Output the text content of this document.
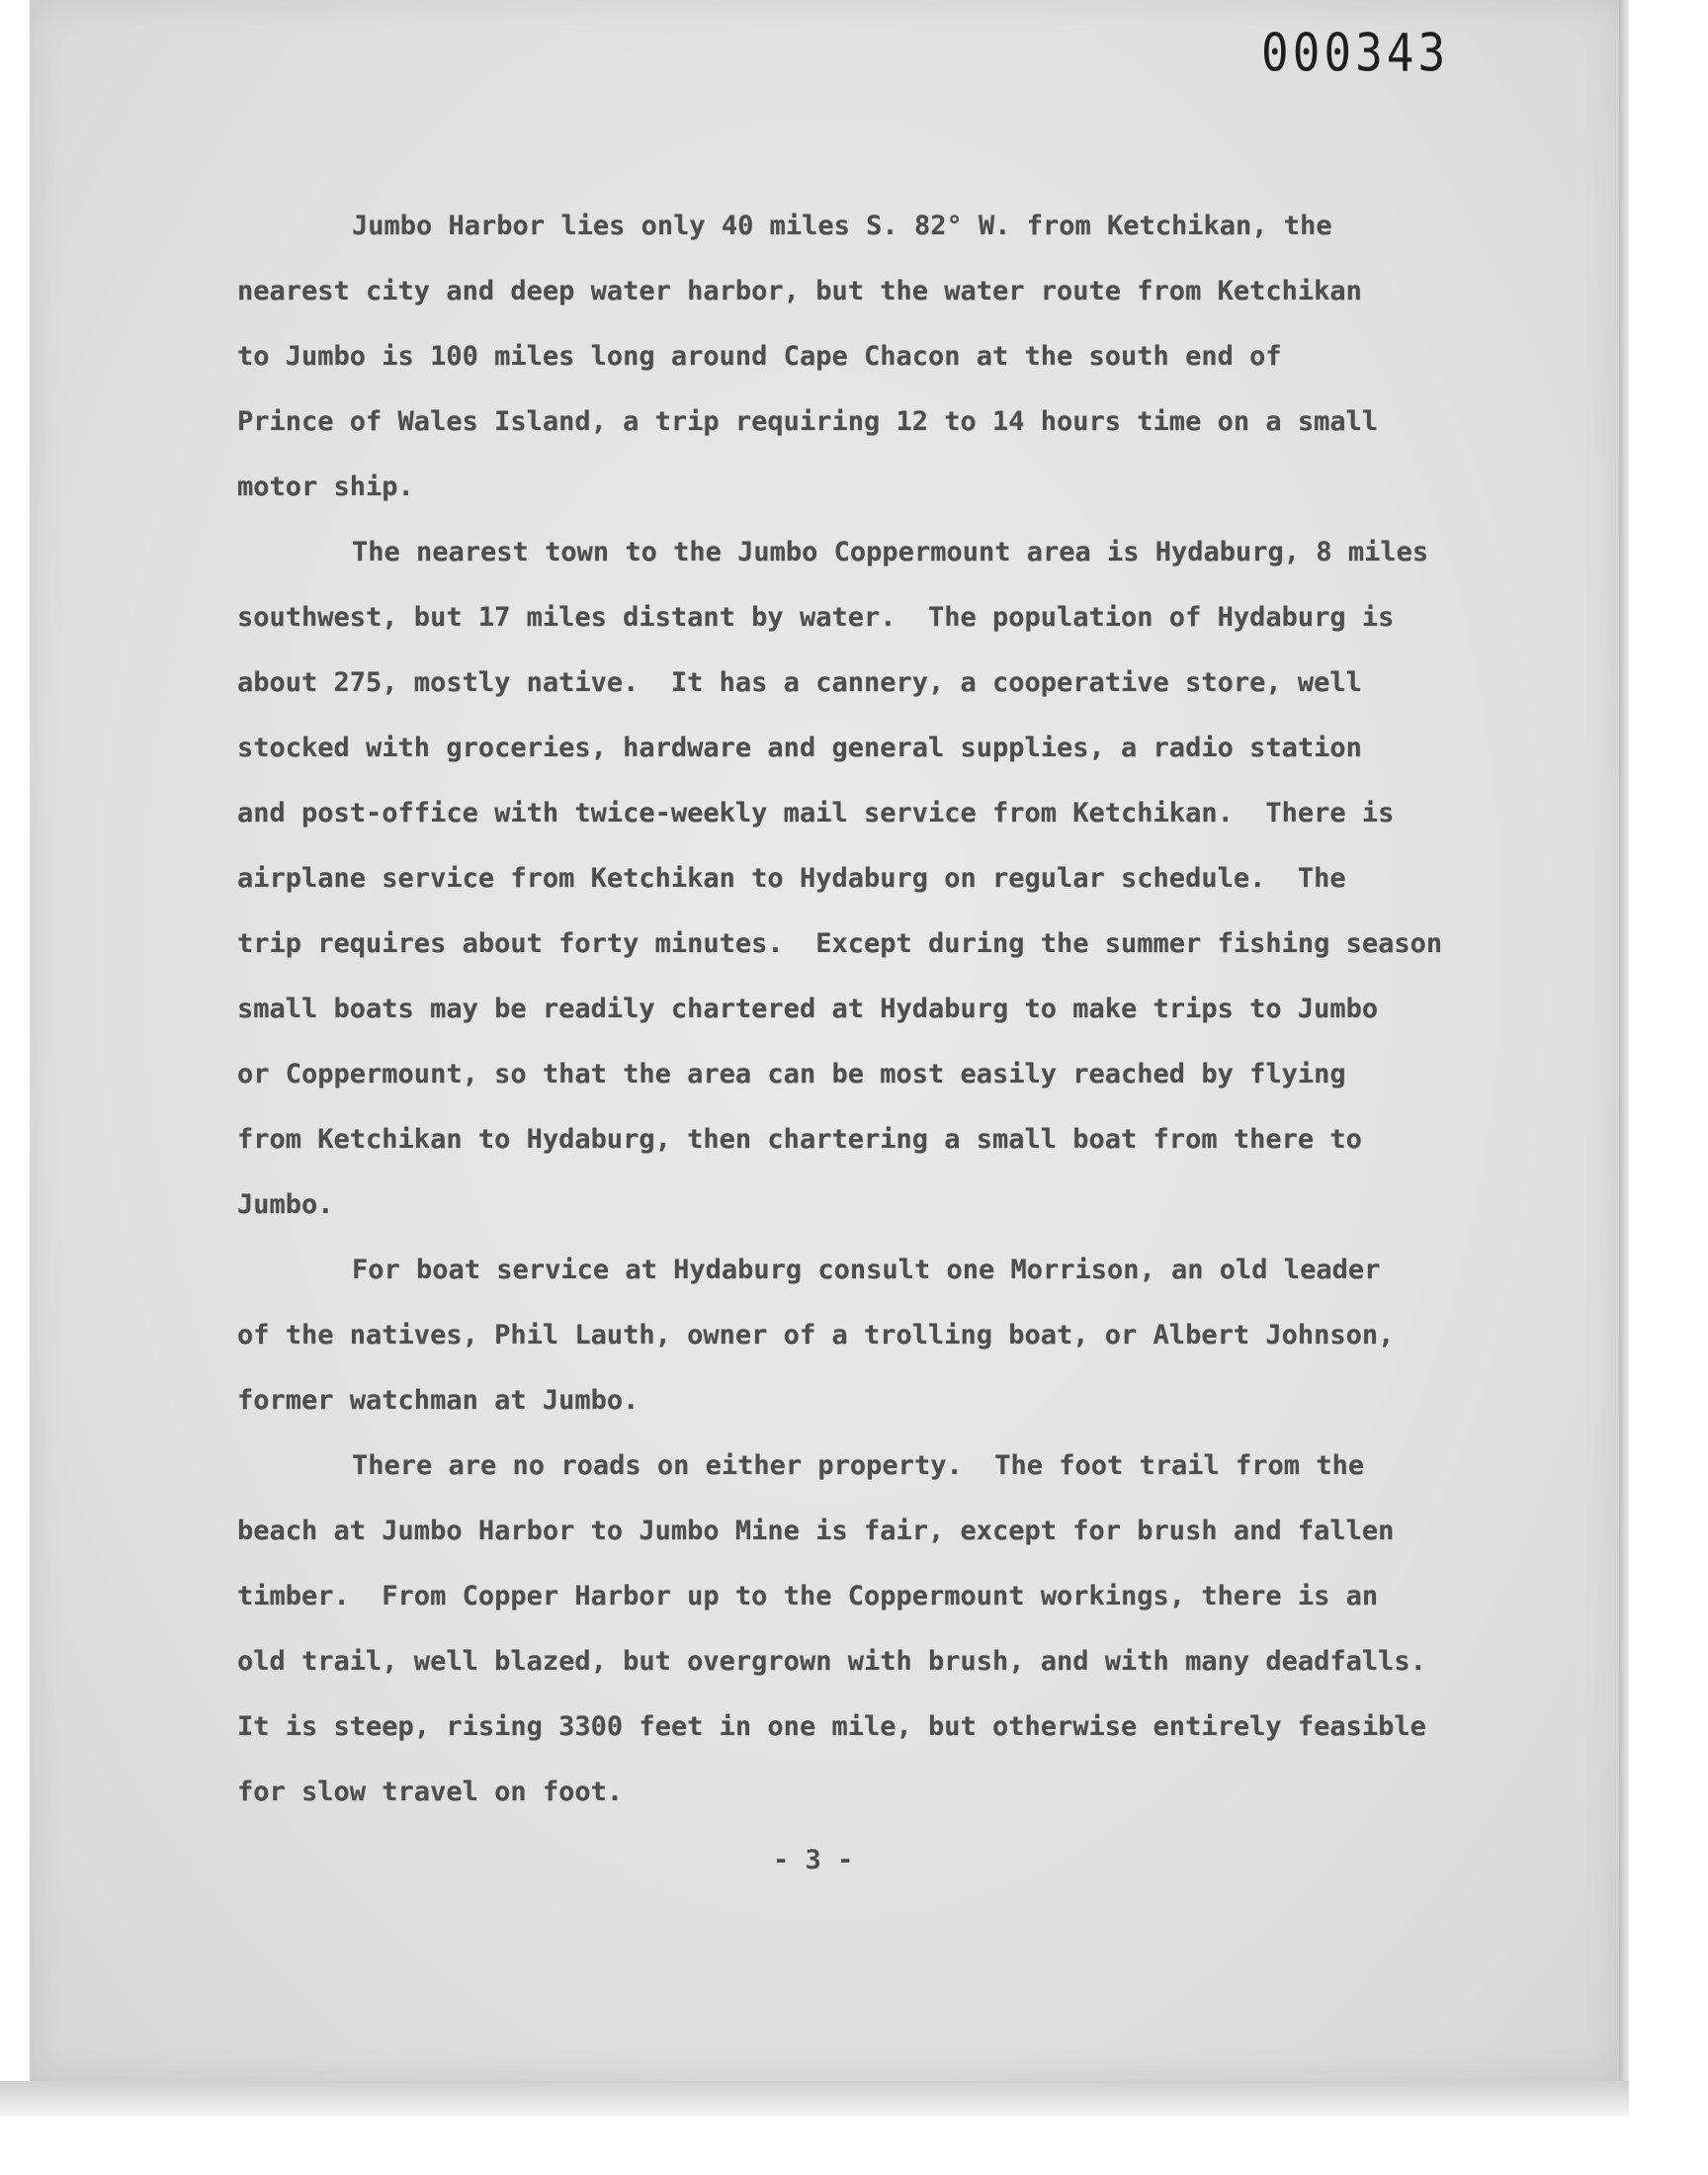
000343
Jumbo Harbor lies only 40 miles S. 82° W. from Ketchikan, the
nearest city and deep water harbor, but the water route from Ketchikan
to Jumbo is 100 miles long around Cape Chacon at the south end of
Prince of Wales Island, a trip requiring 12 to 14 hours time on a small
motor ship.
The nearest town to the Jumbo Coppermount area is Hydaburg, 8 miles
southwest, but 17 miles distant by water.  The population of Hydaburg is
about 275, mostly native.  It has a cannery, a cooperative store, well
stocked with groceries, hardware and general supplies, a radio station
and post-office with twice-weekly mail service from Ketchikan.  There is
airplane service from Ketchikan to Hydaburg on regular schedule.  The
trip requires about forty minutes.  Except during the summer fishing season
small boats may be readily chartered at Hydaburg to make trips to Jumbo
or Coppermount, so that the area can be most easily reached by flying
from Ketchikan to Hydaburg, then chartering a small boat from there to
Jumbo.
For boat service at Hydaburg consult one Morrison, an old leader
of the natives, Phil Lauth, owner of a trolling boat, or Albert Johnson,
former watchman at Jumbo.
There are no roads on either property.  The foot trail from the
beach at Jumbo Harbor to Jumbo Mine is fair, except for brush and fallen
timber.  From Copper Harbor up to the Coppermount workings, there is an
old trail, well blazed, but overgrown with brush, and with many deadfalls.
It is steep, rising 3300 feet in one mile, but otherwise entirely feasible
for slow travel on foot.
- 3 -
